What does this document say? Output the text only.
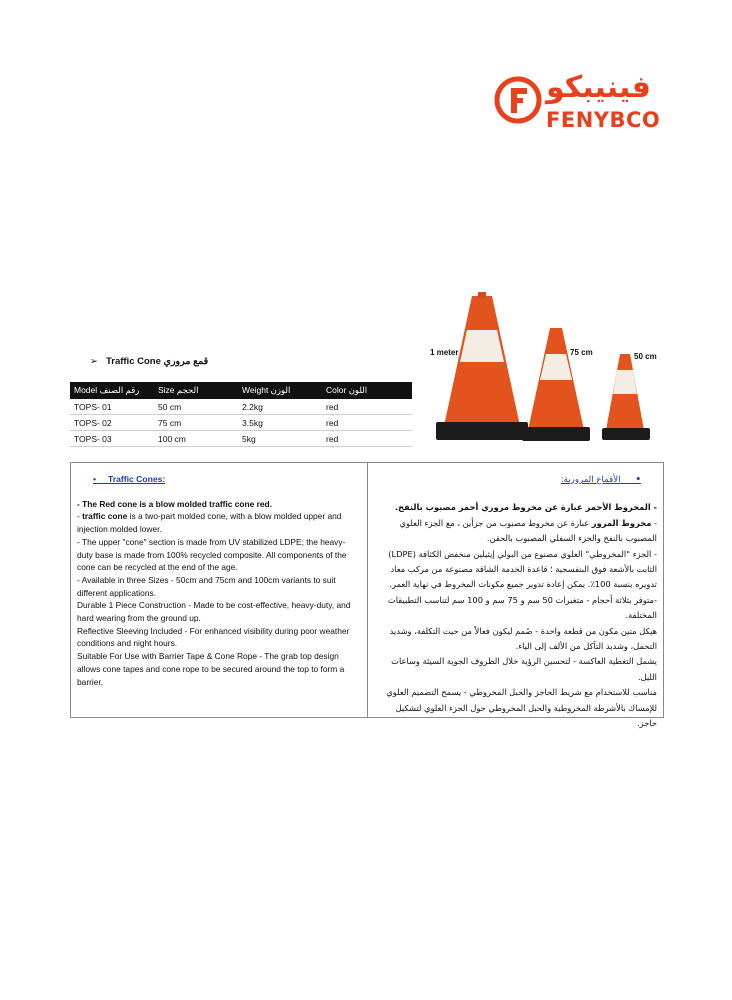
فينيبكو
FENYBCO
➢ Traffic Cone قمع مروري
Model رقم الصنف	Size الحجم	Weight الوزن	Color اللون
TOPS- 01	50 cm	2.2kg	red
TOPS- 02	75 cm	3.5kg	red
TOPS- 03	100 cm	5kg	red
1 meter	75 cm	50 cm
•     Traffic Cones:

- The Red cone is a blow molded traffic cone red.

- traffic cone is a two-part molded cone, with a blow molded upper and injection molded lower.

- The upper "cone" section is made from UV stabilized LDPE; the heavy-duty base is made from 100% recycled composite. All components of the cone can be recycled at the end of the age.

- Available in three Sizes - 50cm and 75cm and 100cm variants to suit different applications.

Durable 1 Piece Construction - Made to be cost-effective, heavy-duty, and hard wearing from the ground up.

Reflective Sleeving Included - For enhanced visibility during poor weather conditions and night hours.

Suitable For Use with Barrier Tape & Cone Rope - The grab top design allows cone tapes and cone rope to be secured around the top to form a barrier.

•     الأقماع المرورية:

- المخروط الأحمر عبارة عن مخروط مروري أحمر مصبوب بالنفخ.

- مخروط المرور عبارة عن مخروط مصبوب من جزأين ، مع الجزء العلوي المصبوب بالنفخ والجزء السفلي المصبوب بالحقن.

- الجزء "المخروطي" العلوي مصنوع من البولي إيثيلين منخفض الكثافة (LDPE) الثابت بالأشعة فوق البنفسجية ؛ قاعدة الخدمة الشاقة مصنوعة من مركب معاد تدويره بنسبة 100٪. يمكن إعادة تدوير جميع مكونات المخروط في نهاية العمر.

-متوفر بثلاثة أحجام - متغيرات 50 سم و 75 سم و 100 سم لتناسب التطبيقات المختلفة.

هيكل متين مكون من قطعة واحدة - صُمم ليكون فعالاً من حيث التكلفة، وشديد التحمل، وشديد التآكل من الألف إلى الياء.

يشمل التغطية العاكسة - لتحسين الرؤية خلال الظروف الجوية السيئة وساعات الليل.

مناسب للاستخدام مع شريط الحاجز والحبل المخروطي - يسمح التصميم العلوي للإمساك بالأشرطة المخروطية والحبل المخروطي حول الجزء العلوي لتشكيل حاجز.
